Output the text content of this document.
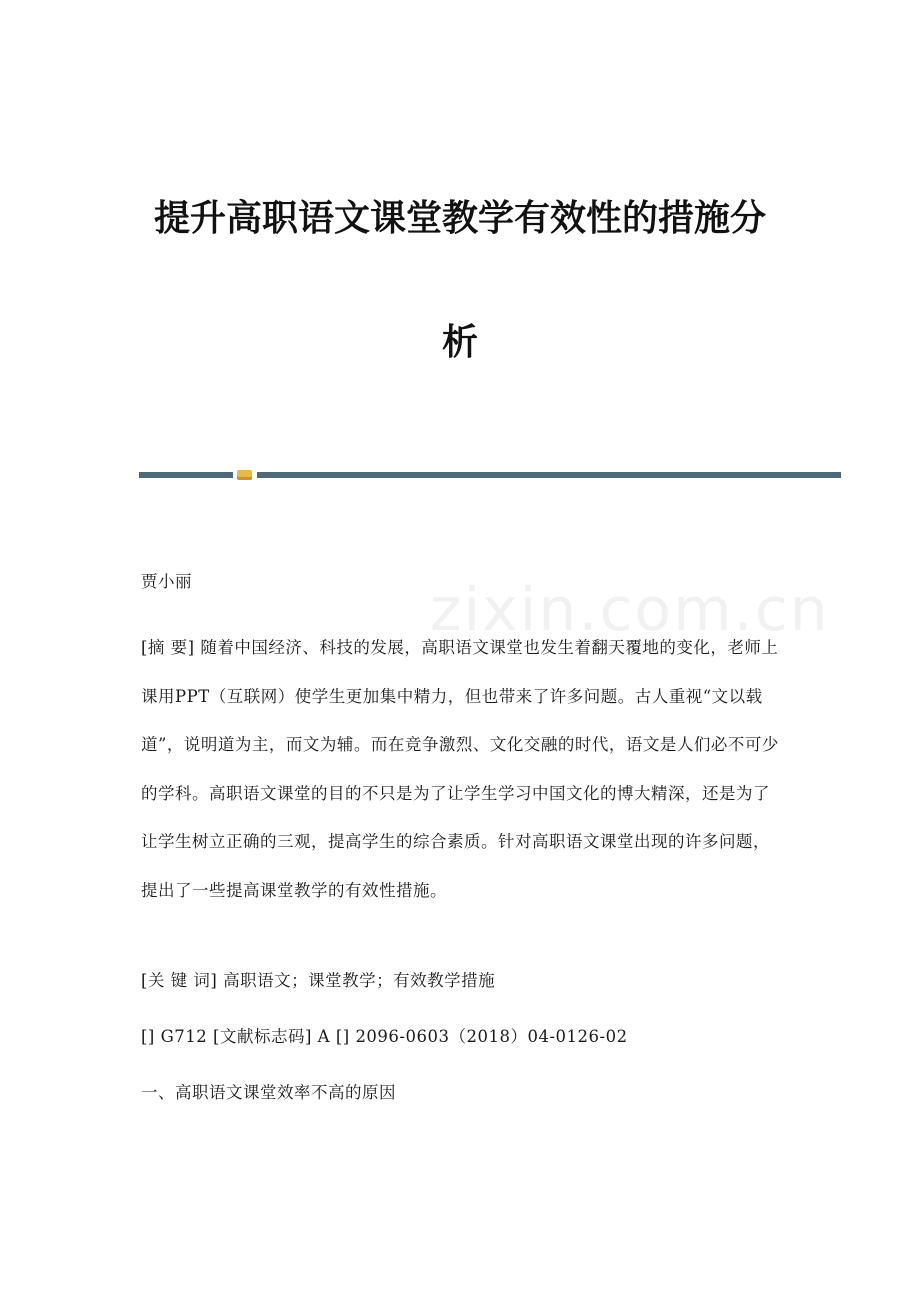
提升高职语文课堂教学有效性的措施分
析
zixin.com.cn

贾小丽

[摘 要] 随着中国经济、科技的发展，高职语文课堂也发生着翻天覆地的变化，老师上课用PPT（互联网）使学生更加集中精力，但也带来了许多问题。古人重视“文以载道”，说明道为主，而文为辅。而在竞争激烈、文化交融的时代，语文是人们必不可少的学科。高职语文课堂的目的不只是为了让学生学习中国文化的博大精深，还是为了让学生树立正确的三观，提高学生的综合素质。针对高职语文课堂出现的许多问题，提出了一些提高课堂教学的有效性措施。

[关 键 词] 高职语文；课堂教学；有效教学措施

[] G712 [文献标志码] A [] 2096-0603（2018）04-0126-02

一、高职语文课堂效率不高的原因
